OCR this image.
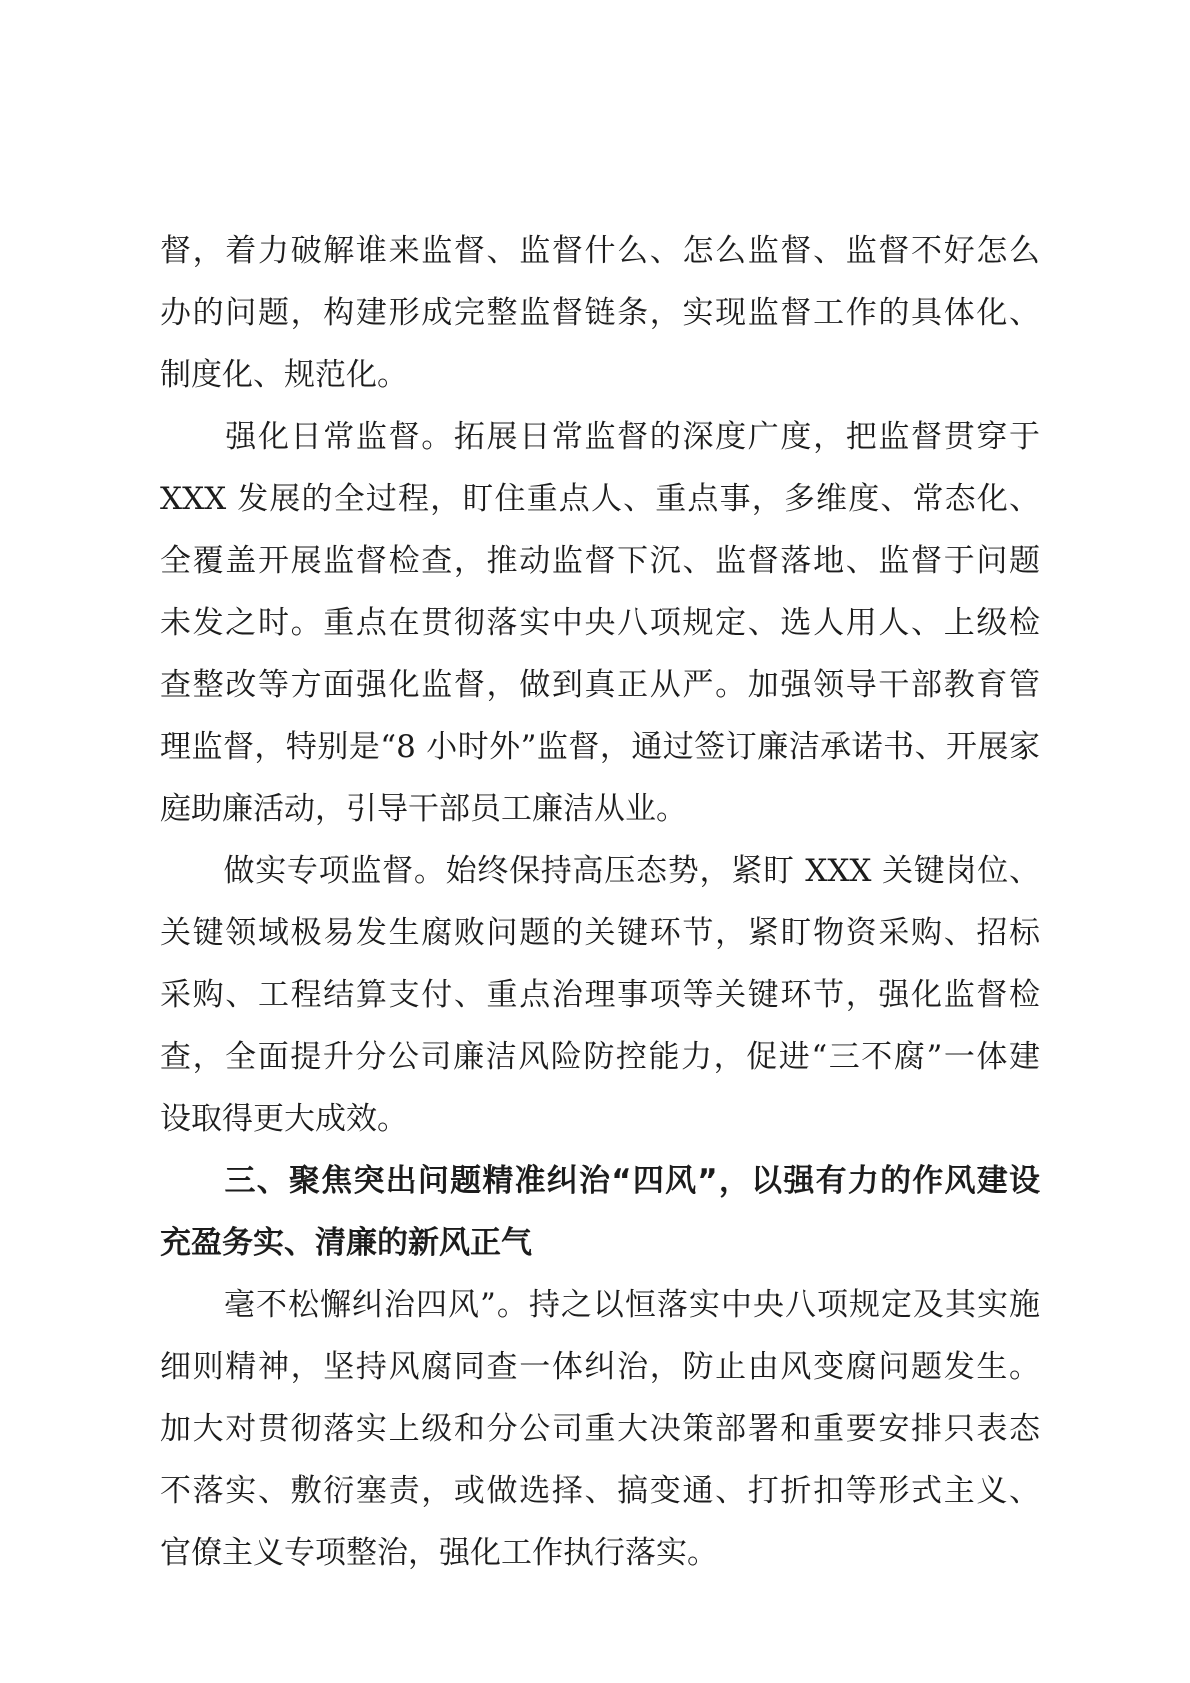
督，着力破解谁来监督、监督什么、怎么监督、监督不好怎么
办的问题，构建形成完整监督链条，实现监督工作的具体化、
制度化、规范化。
　　强化日常监督。拓展日常监督的深度广度，把监督贯穿于
XXX 发展的全过程，盯住重点人、重点事，多维度、常态化、
全覆盖开展监督检查，推动监督下沉、监督落地、监督于问题
未发之时。重点在贯彻落实中央八项规定、选人用人、上级检
查整改等方面强化监督，做到真正从严。加强领导干部教育管
理监督，特别是“8 小时外”监督，通过签订廉洁承诺书、开展家
庭助廉活动，引导干部员工廉洁从业。
　　做实专项监督。始终保持高压态势，紧盯 XXX 关键岗位、
关键领域极易发生腐败问题的关键环节，紧盯物资采购、招标
采购、工程结算支付、重点治理事项等关键环节，强化监督检
查，全面提升分公司廉洁风险防控能力，促进“三不腐”一体建
设取得更大成效。
　　三、聚焦突出问题精准纠治“四风”，以强有力的作风建设
充盈务实、清廉的新风正气
　　毫不松懈纠治四风”。持之以恒落实中央八项规定及其实施
细则精神，坚持风腐同查一体纠治，防止由风变腐问题发生。
加大对贯彻落实上级和分公司重大决策部署和重要安排只表态
不落实、敷衍塞责，或做选择、搞变通、打折扣等形式主义、
官僚主义专项整治，强化工作执行落实。
